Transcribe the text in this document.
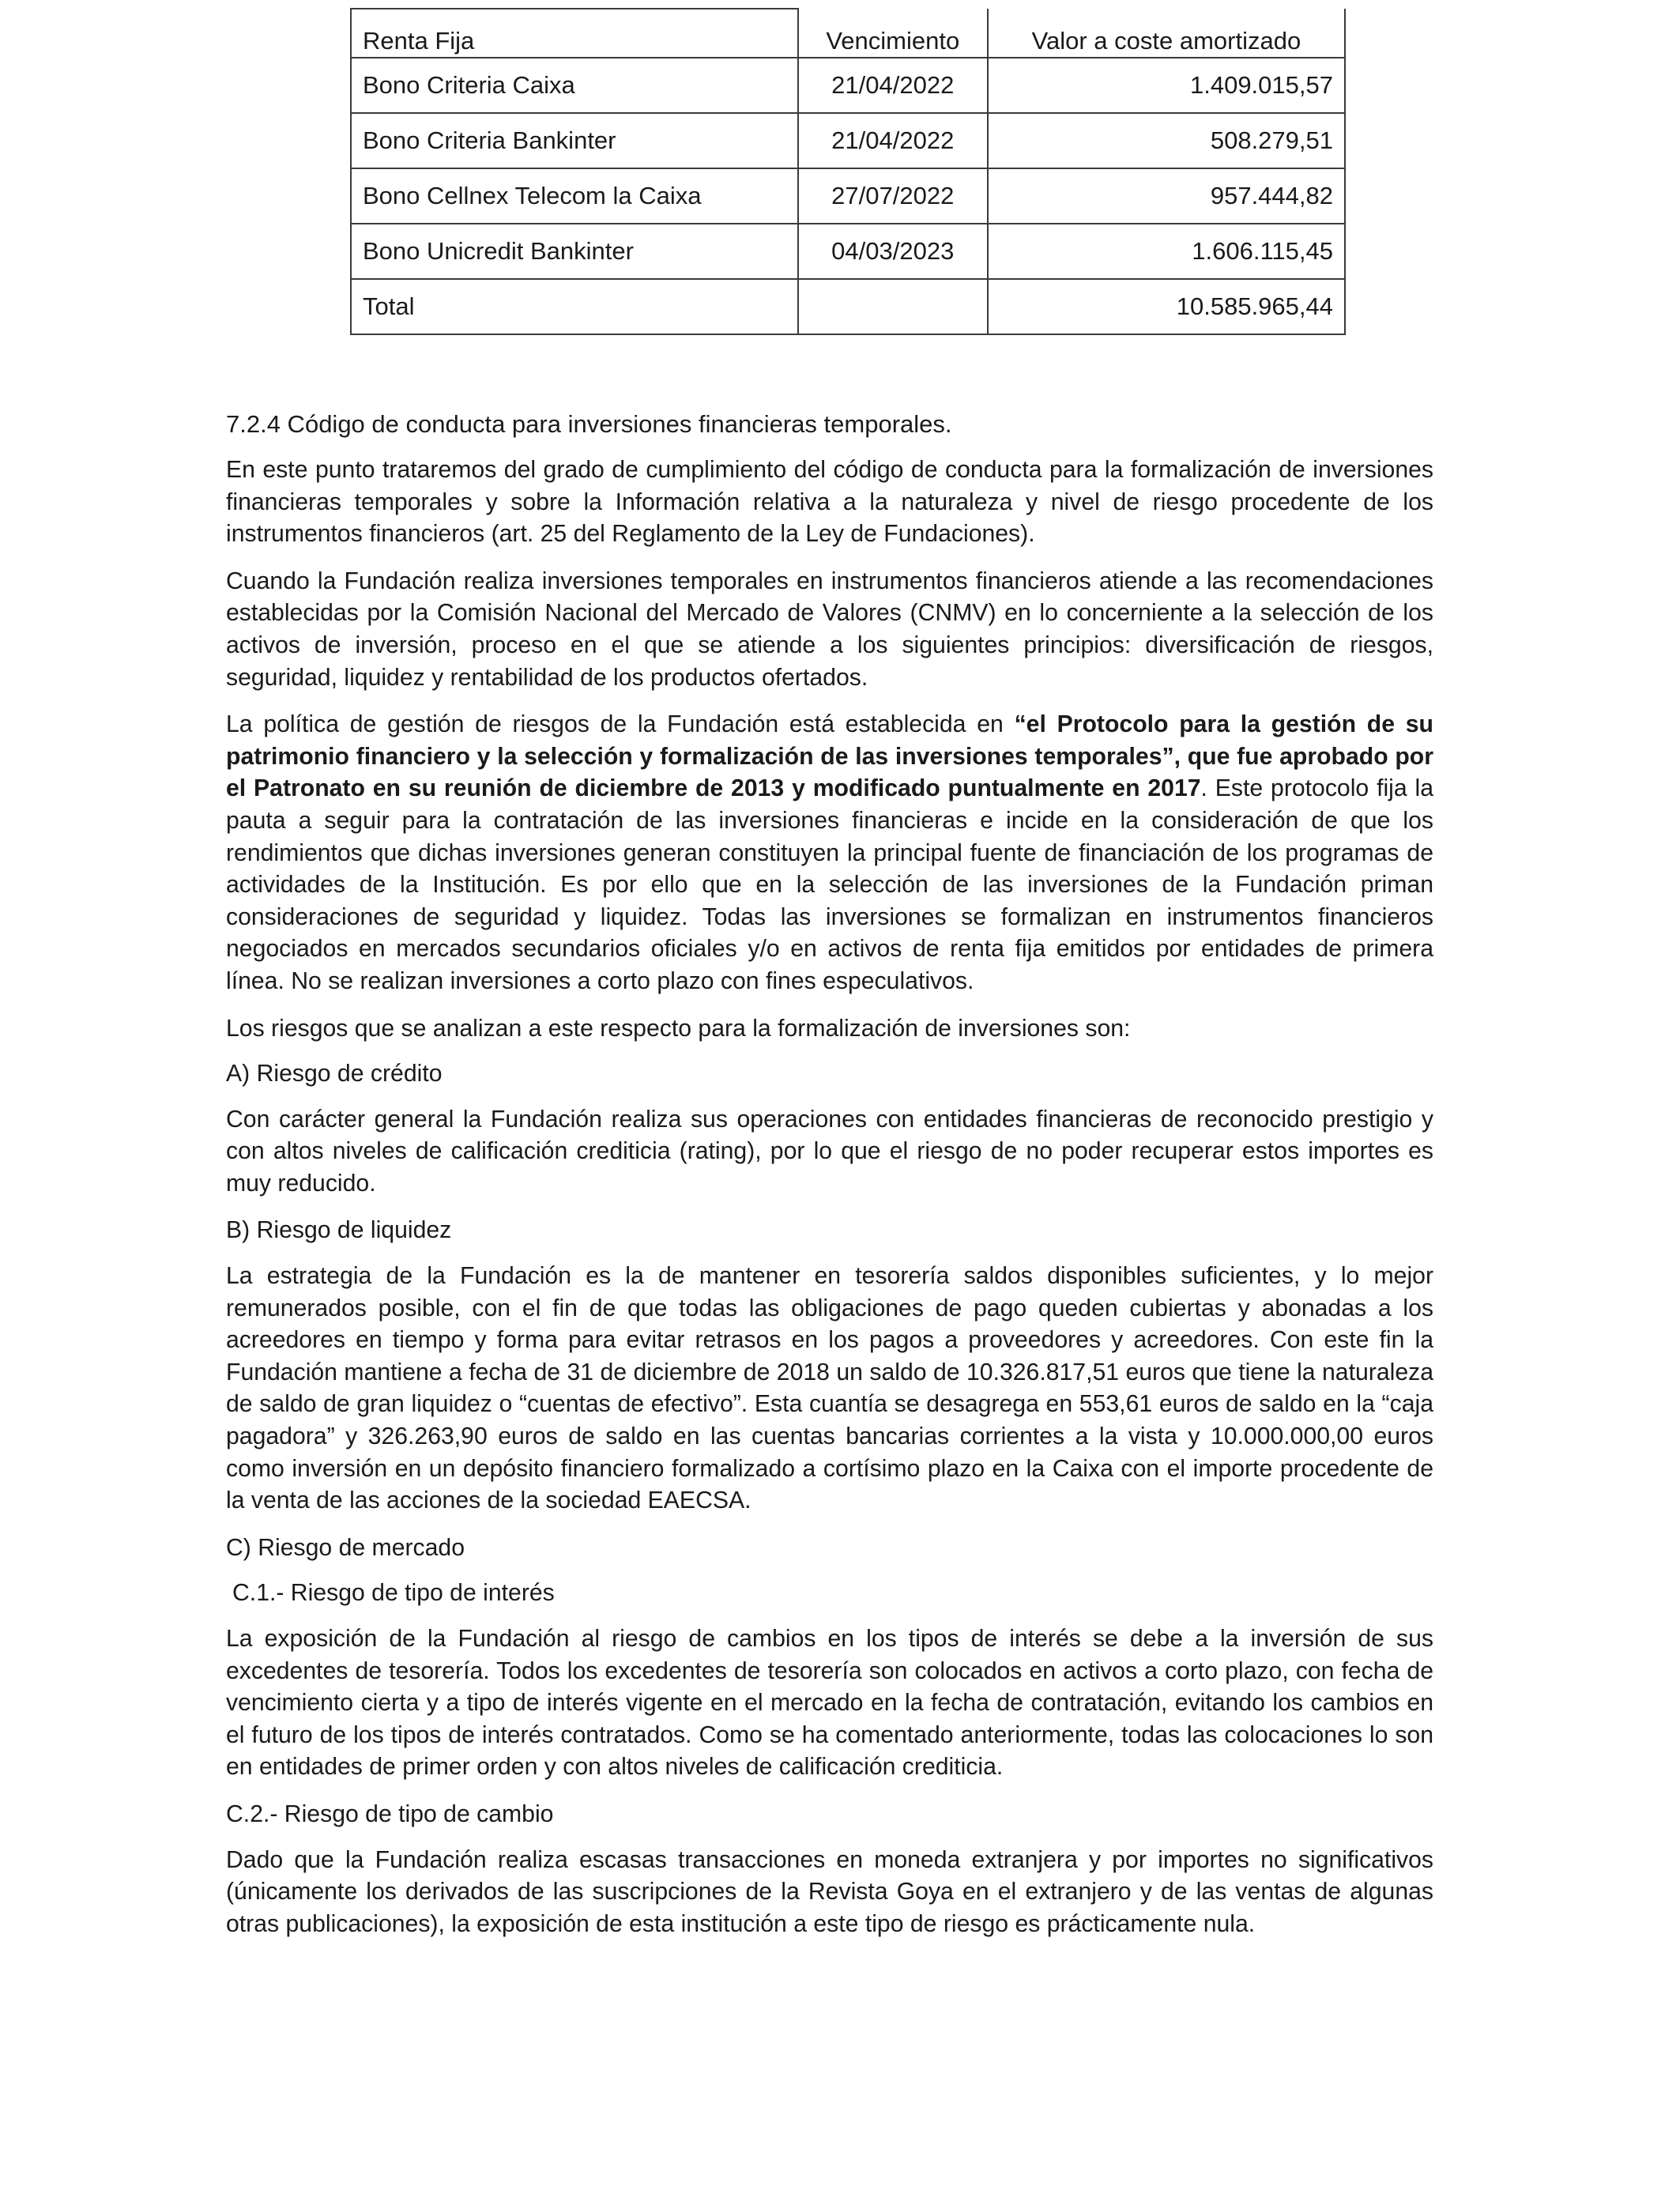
Renta Fija	Vencimiento	Valor a coste amortizado
Bono Criteria Caixa	21/04/2022	1.409.015,57
Bono Criteria Bankinter	21/04/2022	508.279,51
Bono Cellnex Telecom la Caixa	27/07/2022	957.444,82
Bono Unicredit Bankinter	04/03/2023	1.606.115,45
Total		10.585.965,44
7.2.4 Código de conducta para inversiones financieras temporales.

En este punto trataremos del grado de cumplimiento del código de conducta para la formalización de inversiones financieras temporales y sobre la Información relativa a la naturaleza y nivel de riesgo procedente de los instrumentos financieros (art. 25 del Reglamento de la Ley de Fundaciones).

Cuando la Fundación realiza inversiones temporales en instrumentos financieros atiende a las recomendaciones establecidas por la Comisión Nacional del Mercado de Valores (CNMV) en lo concerniente a la selección de los activos de inversión, proceso en el que se atiende a los siguientes principios: diversificación de riesgos, seguridad, liquidez y rentabilidad de los productos ofertados.

La política de gestión de riesgos de la Fundación está establecida en “el Protocolo para la gestión de su patrimonio financiero y la selección y formalización de las inversiones temporales”, que fue aprobado por el Patronato en su reunión de diciembre de 2013 y modificado puntualmente en 2017. Este protocolo fija la pauta a seguir para la contratación de las inversiones financieras e incide en la consideración de que los rendimientos que dichas inversiones generan constituyen la principal fuente de financiación de los programas de actividades de la Institución. Es por ello que en la selección de las inversiones de la Fundación priman consideraciones de seguridad y liquidez. Todas las inversiones se formalizan en instrumentos financieros negociados en mercados secundarios oficiales y/o en activos de renta fija emitidos por entidades de primera línea. No se realizan inversiones a corto plazo con fines especulativos.

Los riesgos que se analizan a este respecto para la formalización de inversiones son:

A) Riesgo de crédito

Con carácter general la Fundación realiza sus operaciones con entidades financieras de reconocido prestigio y con altos niveles de calificación crediticia (rating), por lo que el riesgo de no poder recuperar estos importes es muy reducido.

B) Riesgo de liquidez

La estrategia de la Fundación es la de mantener en tesorería saldos disponibles suficientes, y lo mejor remunerados posible, con el fin de que todas las obligaciones de pago queden cubiertas y abonadas a los acreedores en tiempo y forma para evitar retrasos en los pagos a proveedores y acreedores. Con este fin la Fundación mantiene a fecha de 31 de diciembre de 2018 un saldo de 10.326.817,51 euros que tiene la naturaleza de saldo de gran liquidez o “cuentas de efectivo”. Esta cuantía se desagrega en 553,61 euros de saldo en la “caja pagadora” y 326.263,90 euros de saldo en las cuentas bancarias corrientes a la vista y 10.000.000,00 euros como inversión en un depósito financiero formalizado a cortísimo plazo en la Caixa con el importe procedente de la venta de las acciones de la sociedad EAECSA.

C) Riesgo de mercado

C.1.- Riesgo de tipo de interés

La exposición de la Fundación al riesgo de cambios en los tipos de interés se debe a la inversión de sus excedentes de tesorería. Todos los excedentes de tesorería son colocados en activos a corto plazo, con fecha de vencimiento cierta y a tipo de interés vigente en el mercado en la fecha de contratación, evitando los cambios en el futuro de los tipos de interés contratados. Como se ha comentado anteriormente, todas las colocaciones lo son en entidades de primer orden y con altos niveles de calificación crediticia.

C.2.- Riesgo de tipo de cambio

Dado que la Fundación realiza escasas transacciones en moneda extranjera y por importes no significativos (únicamente los derivados de las suscripciones de la Revista Goya en el extranjero y de las ventas de algunas otras publicaciones), la exposición de esta institución a este tipo de riesgo es prácticamente nula.
